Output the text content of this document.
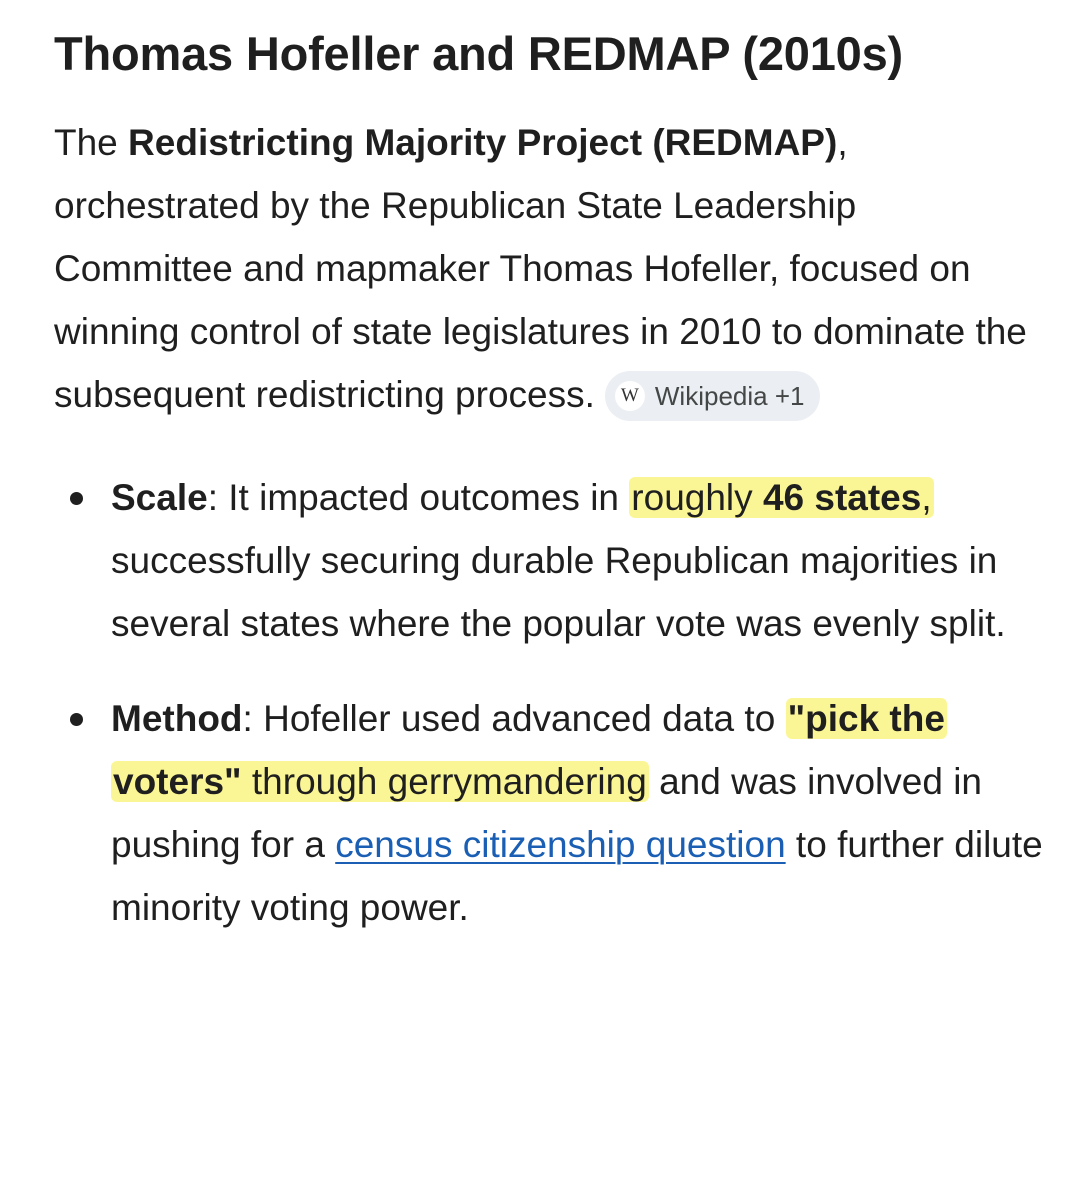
Thomas Hofeller and REDMAP (2010s)

The Redistricting Majority Project (REDMAP), orchestrated by the Republican State Leadership Committee and mapmaker Thomas Hofeller, focused on winning control of state legislatures in 2010 to dominate the subsequent redistricting process.	W Wikipedia +1

Scale: It impacted outcomes in roughly 46 states, successfully securing durable Republican majorities in several states where the popular vote was evenly split.
Method: Hofeller used advanced data to "pick the voters" through gerrymandering and was involved in pushing for a census citizenship question to further dilute minority voting power.
